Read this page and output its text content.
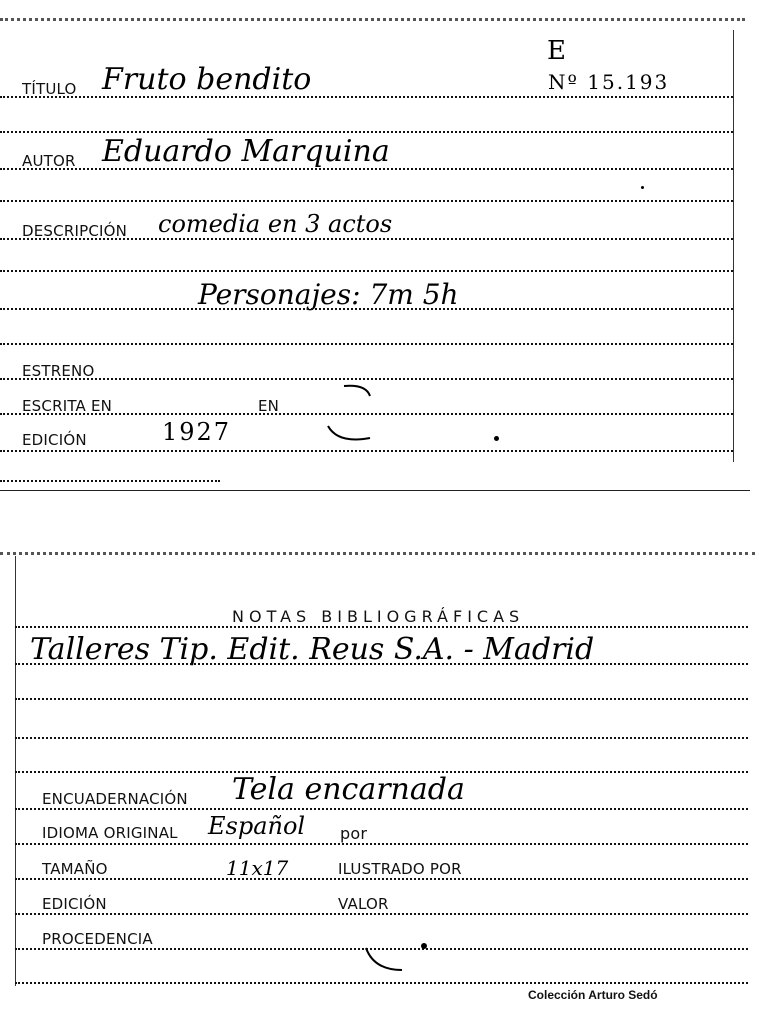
TÍTULO Fruto bendito
E
Nº 15.193
AUTOR Eduardo Marquina
DESCRIPCIÓN comedia en 3 actos
Personajes: 7m 5h
ESTRENO
ESCRITA EN	EN
EDICIÓN	1927
NOTAS BIBLIOGRÁFICAS
Talleres Tip. Edit. Reus S.A. - Madrid
ENCUADERNACIÓN Tela encarnada
IDIOMA ORIGINAL Español por
TAMAÑO	11x17	ILUSTRADO POR
EDICIÓN	VALOR
PROCEDENCIA
Colección Arturo Sedó
